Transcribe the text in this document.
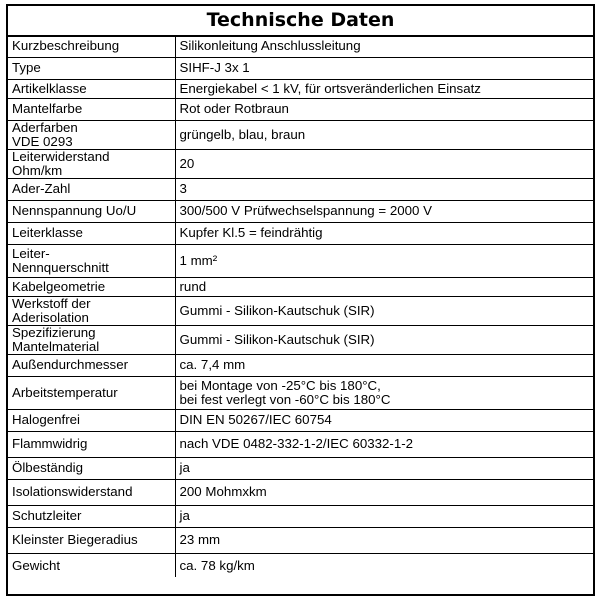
Technische Daten
Kurzbeschreibung	Silikonleitung Anschlussleitung
Type	SIHF-J 3x 1
Artikelklasse	Energiekabel < 1 kV, für ortsveränderlichen Einsatz
Mantelfarbe	Rot oder Rotbraun
Aderfarben
VDE 0293	grüngelb, blau, braun
Leiterwiderstand
Ohm/km	20
Ader-Zahl	3
Nennspannung Uo/U	300/500 V Prüfwechselspannung = 2000 V
Leiterklasse	Kupfer Kl.5 = feindrähtig
Leiter-
Nennquerschnitt	1 mm²
Kabelgeometrie	rund
Werkstoff der
Aderisolation	Gummi - Silikon-Kautschuk (SIR)
Spezifizierung
Mantelmaterial	Gummi - Silikon-Kautschuk (SIR)
Außendurchmesser	ca. 7,4 mm
Arbeitstemperatur	bei Montage von -25°C bis 180°C,
bei fest verlegt von -60°C bis 180°C
Halogenfrei	DIN EN 50267/IEC 60754
Flammwidrig	nach VDE 0482-332-1-2/IEC 60332-1-2
Ölbeständig	ja
Isolationswiderstand	200 Mohmxkm
Schutzleiter	ja
Kleinster Biegeradius	23 mm
Gewicht	ca. 78 kg/km
